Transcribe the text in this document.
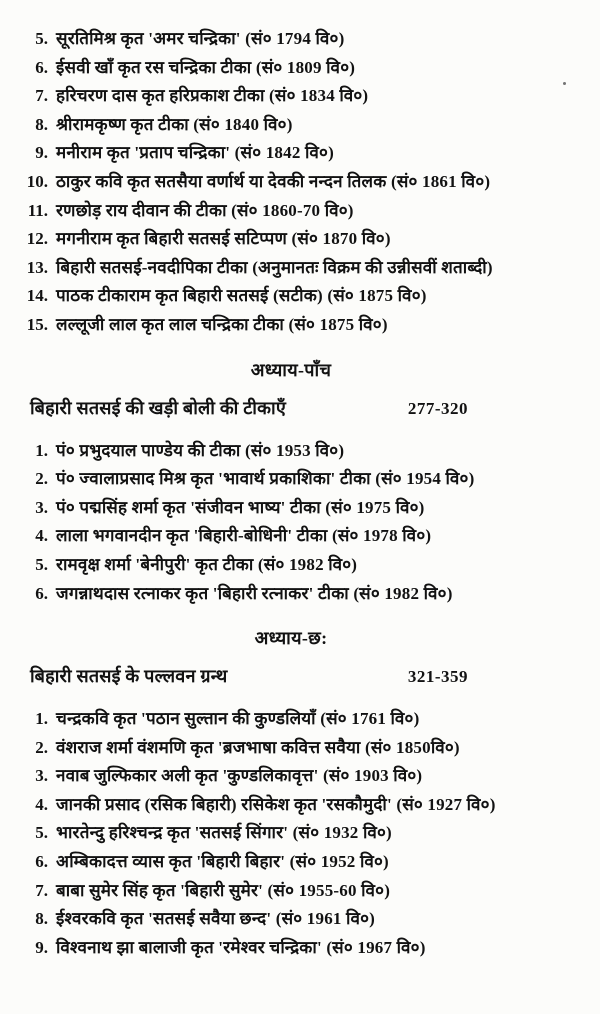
5. सूरतिमिश्र कृत 'अमर चन्द्रिका' (सं० 1794 वि०)
6. ईसवी खाँ कृत रस चन्द्रिका टीका (सं० 1809 वि०)
7. हरिचरण दास कृत हरिप्रकाश टीका (सं० 1834 वि०)
8. श्रीरामकृष्ण कृत टीका (सं० 1840 वि०)
9. मनीराम कृत 'प्रताप चन्द्रिका' (सं० 1842 वि०)
10. ठाकुर कवि कृत सतसैया वर्णार्थ या देवकी नन्दन तिलक (सं० 1861 वि०)
11. रणछोड़ राय दीवान की टीका (सं० 1860-70 वि०)
12. मगनीराम कृत बिहारी सतसई सटिप्पण (सं० 1870 वि०)
13. बिहारी सतसई-नवदीपिका टीका (अनुमानतः विक्रम की उन्नीसवीं शताब्दी)
14. पाठक टीकाराम कृत बिहारी सतसई (सटीक) (सं० 1875 वि०)
15. लल्लूजी लाल कृत लाल चन्द्रिका टीका (सं० 1875 वि०)
अध्याय-पाँच
बिहारी सतसई की खड़ी बोली की टीकाएँ	277-320
1. पं० प्रभुदयाल पाण्डेय की टीका (सं० 1953 वि०)
2. पं० ज्वालाप्रसाद मिश्र कृत 'भावार्थ प्रकाशिका' टीका (सं० 1954 वि०)
3. पं० पद्मसिंह शर्मा कृत 'संजीवन भाष्य' टीका (सं० 1975 वि०)
4. लाला भगवानदीन कृत 'बिहारी-बोधिनी' टीका (सं० 1978 वि०)
5. रामवृक्ष शर्मा 'बेनीपुरी' कृत टीका (सं० 1982 वि०)
6. जगन्नाथदास रत्नाकर कृत 'बिहारी रत्नाकर' टीका (सं० 1982 वि०)
अध्याय-छ:
बिहारी सतसई के पल्लवन ग्रन्थ	321-359
1. चन्द्रकवि कृत 'पठान सुल्तान की कुण्डलियाँ (सं० 1761 वि०)
2. वंशराज शर्मा वंशमणि कृत 'ब्रजभाषा कवित्त सवैया (सं० 1850वि०)
3. नवाब जुल्फिकार अली कृत 'कुण्डलिकावृत्त' (सं० 1903 वि०)
4. जानकी प्रसाद (रसिक बिहारी) रसिकेश कृत 'रसकौमुदी' (सं० 1927 वि०)
5. भारतेन्दु हरिश्चन्द्र कृत 'सतसई सिंगार' (सं० 1932 वि०)
6. अम्बिकादत्त व्यास कृत 'बिहारी बिहार' (सं० 1952 वि०)
7. बाबा सुमेर सिंह कृत 'बिहारी सुमेर' (सं० 1955-60 वि०)
8. ईश्वरकवि कृत 'सतसई सवैया छन्द' (सं० 1961 वि०)
9. विश्वनाथ झा बालाजी कृत 'रमेश्वर चन्द्रिका' (सं० 1967 वि०)
